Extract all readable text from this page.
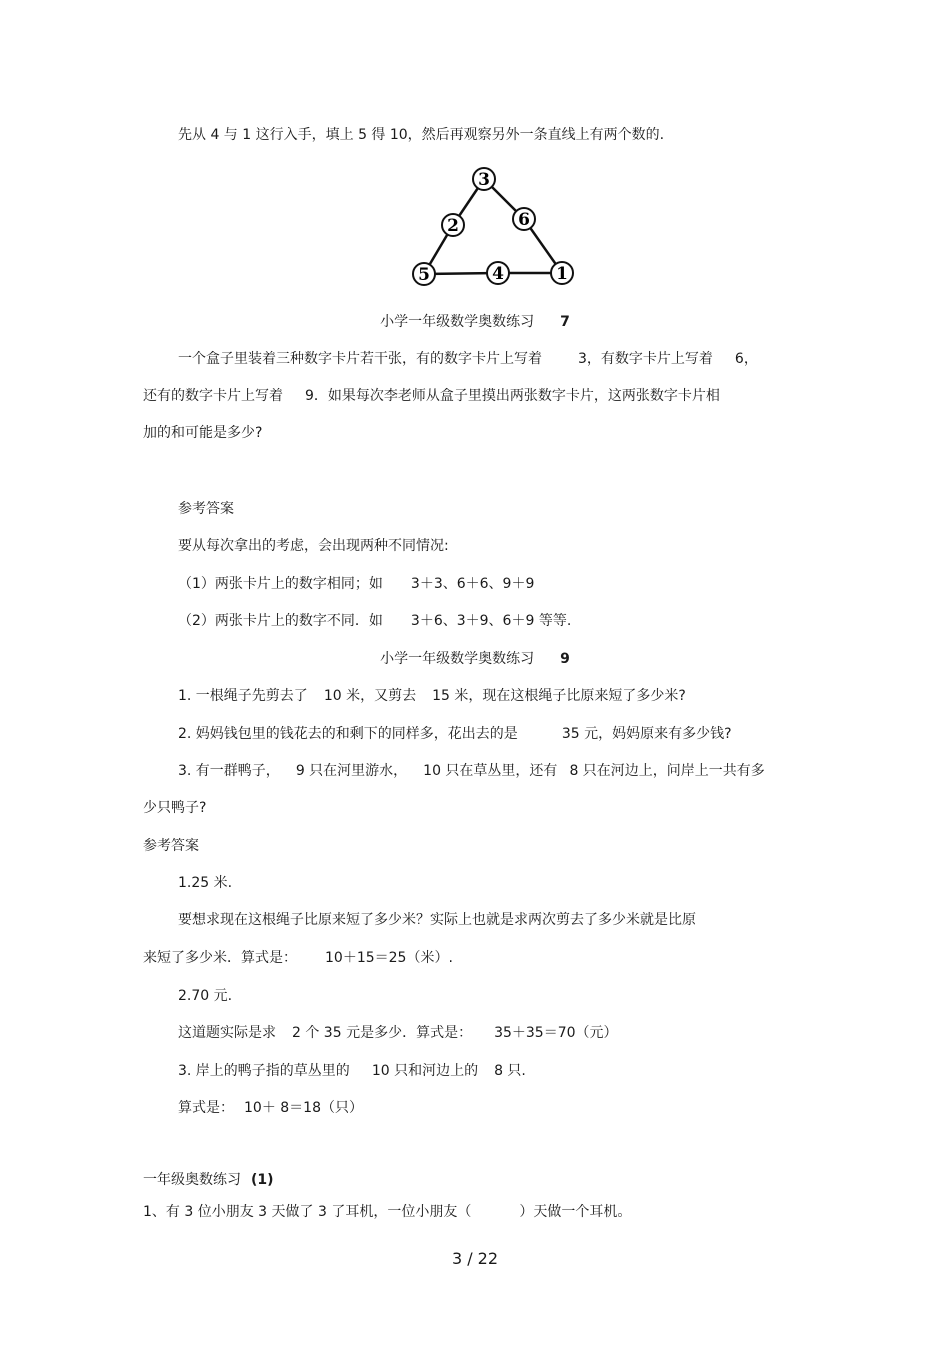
先从 4 与 1 这行入手，填上 5 得 10，然后再观察另外一条直线上有两个数的.
3
2	6
5	4	1
小学一年级数学奥数练习 7
一个盒子里装着三种数字卡片若干张，有的数字卡片上写着	3，有数字卡片上写着 6，
还有的数字卡片上写着 9．如果每次李老师从盒子里摸出两张数字卡片，这两张数字卡片相
加的和可能是多少?
参考答案
要从每次拿出的考虑，会出现两种不同情况:
（1）两张卡片上的数字相同；如 3＋3、6＋6、9＋9
（2）两张卡片上的数字不同．如 3＋6、3＋9、6＋9 等等.
小学一年级数学奥数练习 9
1. 一根绳子先剪去了 10 米，又剪去 15 米，现在这根绳子比原来短了多少米?
2. 妈妈钱包里的钱花去的和剩下的同样多，花出去的是	35 元，妈妈原来有多少钱?
3. 有一群鸭子， 9 只在河里游水， 10 只在草丛里，还有 8 只在河边上，问岸上一共有多
少只鸭子?
参考答案
1.25 米.
要想求现在这根绳子比原来短了多少米？实际上也就是求两次剪去了多少米就是比原
来短了多少米．算式是： 10＋15＝25（米）.
2.70 元.
这道题实际是求 2 个 35 元是多少．算式是： 35＋35＝70（元）
3. 岸上的鸭子指的草丛里的 10 只和河边上的 8 只.
算式是： 10＋ 8＝18（只）
一年级奥数练习 (1)
1、有 3 位小朋友 3 天做了 3 了耳机，一位小朋友（	）天做一个耳机。
3 / 22
